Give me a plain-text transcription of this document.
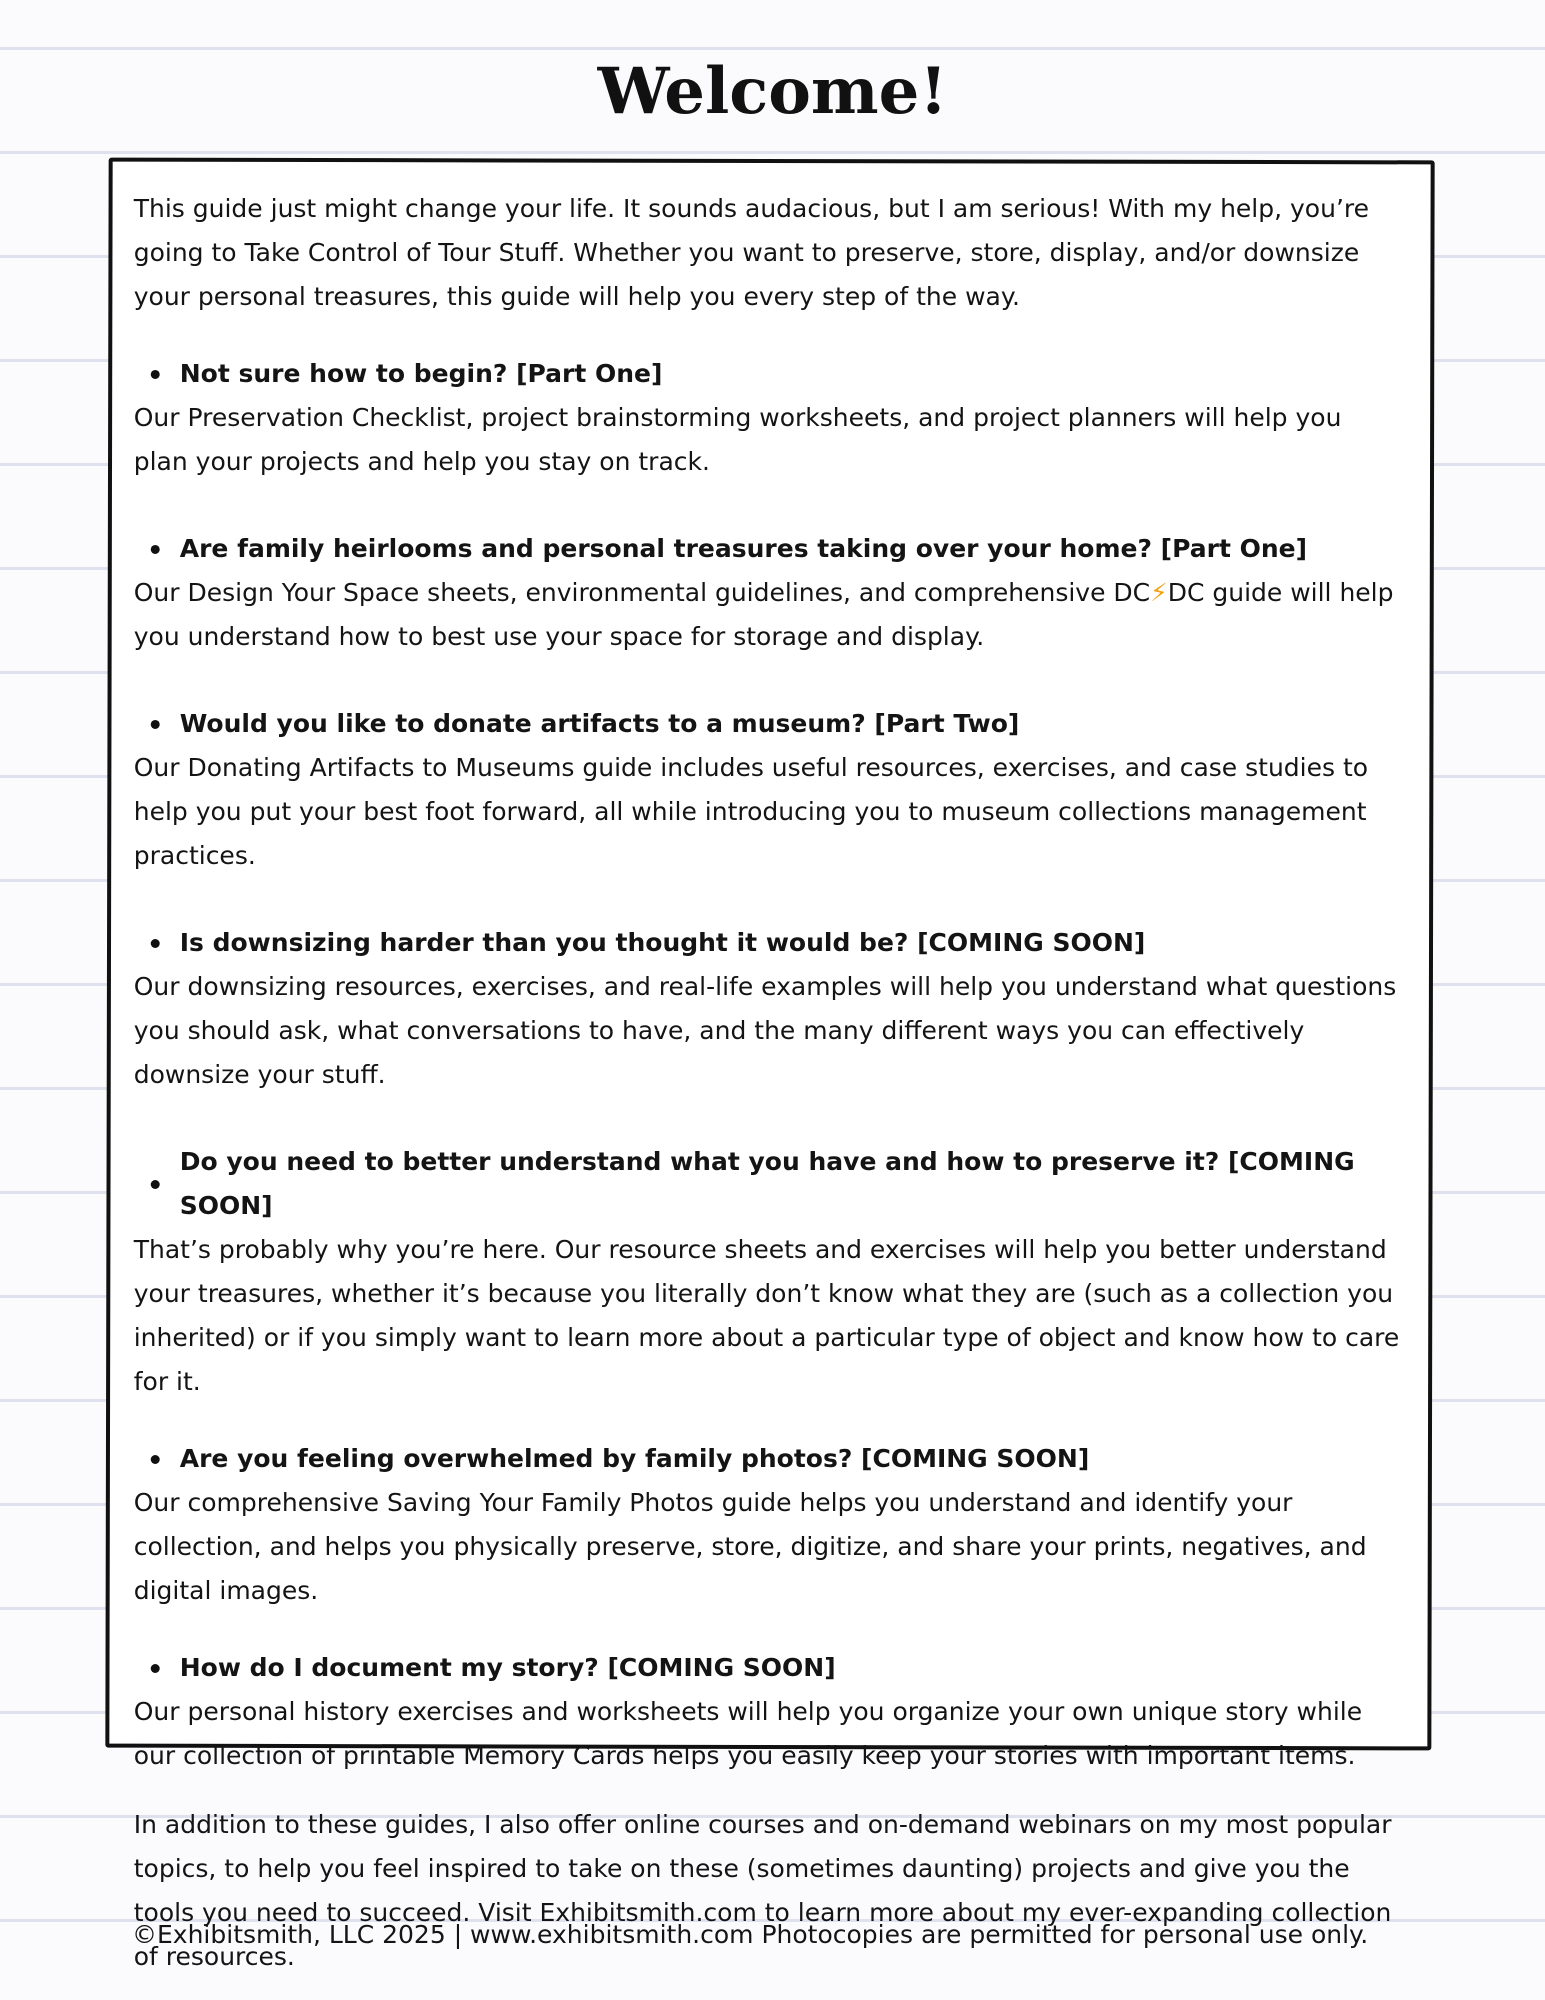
Welcome!

This guide just might change your life. It sounds audacious, but I am serious! With my help, you’re going to Take Control of Tour Stuff. Whether you want to preserve, store, display, and/or downsize your personal treasures, this guide will help you every step of the way.

Not sure how to begin? [Part One]

Our Preservation Checklist, project brainstorming worksheets, and project planners will help you plan your projects and help you stay on track.

Are family heirlooms and personal treasures taking over your home? [Part One]

Our Design Your Space sheets, environmental guidelines, and comprehensive DC⚡DC guide will help you understand how to best use your space for storage and display.

Would you like to donate artifacts to a museum? [Part Two]

Our Donating Artifacts to Museums guide includes useful resources, exercises, and case studies to help you put your best foot forward, all while introducing you to museum collections management practices.

Is downsizing harder than you thought it would be? [COMING SOON]

Our downsizing resources, exercises, and real-life examples will help you understand what questions you should ask, what conversations to have, and the many different ways you can effectively downsize your stuff.

Do you need to better understand what you have and how to preserve it? [COMING SOON]

That’s probably why you’re here. Our resource sheets and exercises will help you better understand your treasures, whether it’s because you literally don’t know what they are (such as a collection you inherited) or if you simply want to learn more about a particular type of object and know how to care for it.

Are you feeling overwhelmed by family photos? [COMING SOON]

Our comprehensive Saving Your Family Photos guide helps you understand and identify your collection, and helps you physically preserve, store, digitize, and share your prints, negatives, and digital images.

How do I document my story? [COMING SOON]

Our personal history exercises and worksheets will help you organize your own unique story while our collection of printable Memory Cards helps you easily keep your stories with important items.

In addition to these guides, I also offer online courses and on-demand webinars on my most popular topics, to help you feel inspired to take on these (sometimes daunting) projects and give you the tools you need to succeed. Visit Exhibitsmith.com to learn more about my ever-expanding collection of resources.

©Exhibitsmith, LLC 2025 | www.exhibitsmith.com Photocopies are permitted for personal use only.
